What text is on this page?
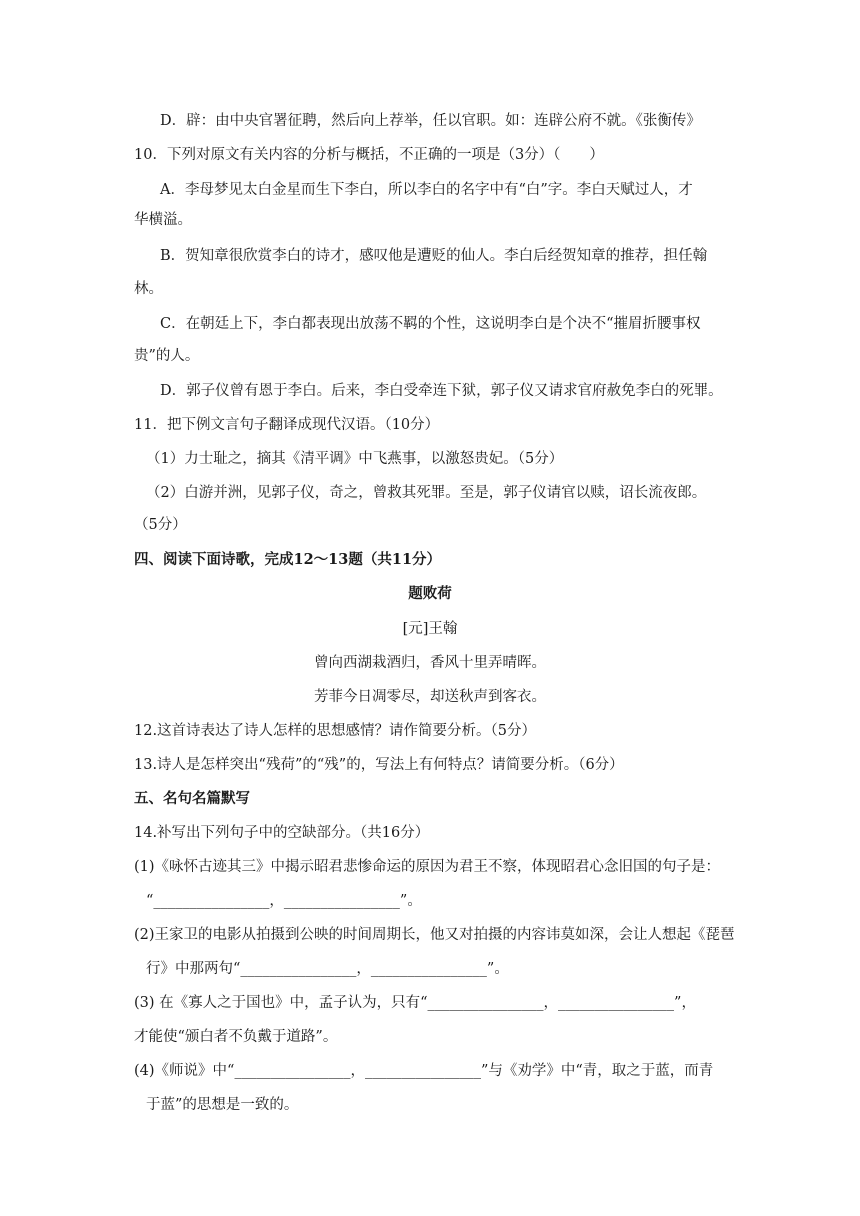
D．辟：由中央官署征聘，然后向上荐举，任以官职。如：连辟公府不就。《张衡传》
10．下列对原文有关内容的分析与概括，不正确的一项是（3分）（　　）
A．李母梦见太白金星而生下李白，所以李白的名字中有“白”字。李白天赋过人，才
华横溢。
B．贺知章很欣赏李白的诗才，感叹他是遭贬的仙人。李白后经贺知章的推荐，担任翰
林。
C．在朝廷上下，李白都表现出放荡不羁的个性，这说明李白是个决不“摧眉折腰事权
贵”的人。
D．郭子仪曾有恩于李白。后来，李白受牵连下狱，郭子仪又请求官府赦免李白的死罪。
11．把下例文言句子翻译成现代汉语。（10分）
（1）力士耻之，摘其《清平调》中飞燕事，以激怒贵妃。（5分）
（2）白游并洲，见郭子仪，奇之，曾救其死罪。至是，郭子仪请官以赎，诏长流夜郎。
（5分）
四、阅读下面诗歌，完成12～13题（共11分）
题败荷
[元]王翰
曾向西湖栽酒归，香风十里弄晴晖。
芳菲今日凋零尽，却送秋声到客衣。
12.这首诗表达了诗人怎样的思想感情？请作简要分析。（5分）
13.诗人是怎样突出“残荷”的“残”的，写法上有何特点？请简要分析。（6分）
五、名句名篇默写
14.补写出下列句子中的空缺部分。（共16分）
(1)《咏怀古迹其三》中揭示昭君悲惨命运的原因为君王不察，体现昭君心念旧国的句子是：
“________________，________________”。
(2)王家卫的电影从拍摄到公映的时间周期长，他又对拍摄的内容讳莫如深，会让人想起《琵琶
行》中那两句“________________，________________”。
(3) 在《寡人之于国也》中，孟子认为，只有“________________，________________”，
才能使“颁白者不负戴于道路”。
(4)《师说》中“________________，________________”与《劝学》中“青，取之于蓝，而青
于蓝”的思想是一致的。
